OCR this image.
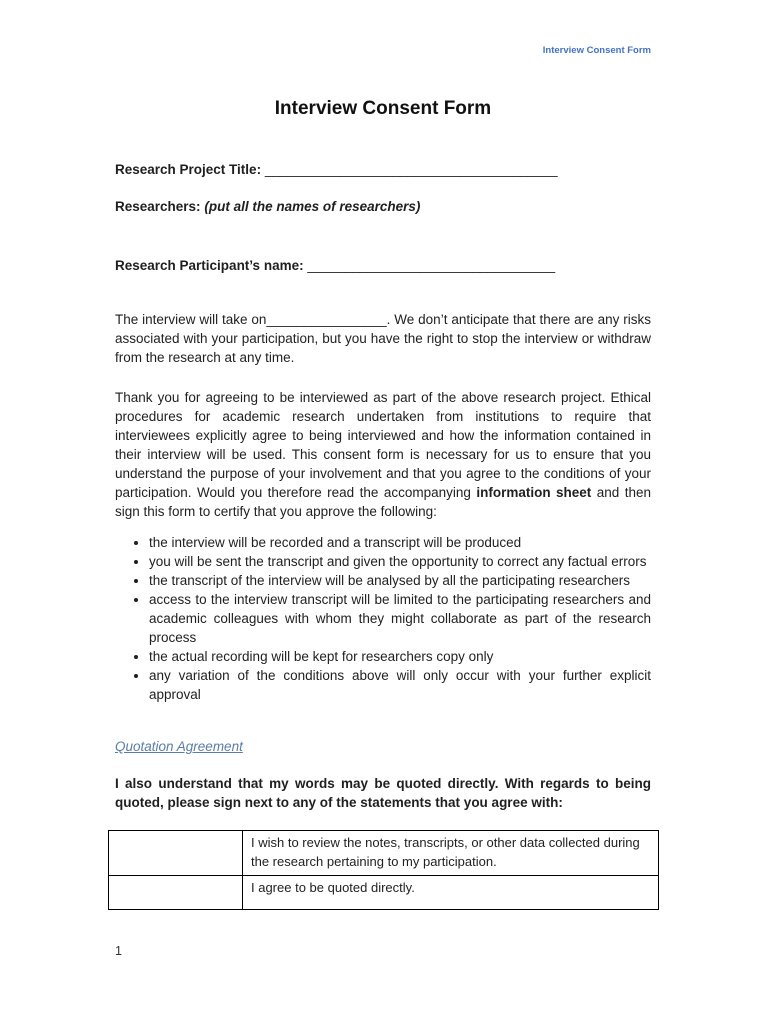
Interview Consent Form
Interview Consent Form

Research Project Title: _______________________________________

Researchers: (put all the names of researchers)

Research Participant’s name: _________________________________

The interview will take on________________. We don’t anticipate that there are any risks associated with your participation, but you have the right to stop the interview or withdraw from the research at any time.

Thank you for agreeing to be interviewed as part of the above research project. Ethical procedures for academic research undertaken from institutions to require that interviewees explicitly agree to being interviewed and how the information contained in their interview will be used. This consent form is necessary for us to ensure that you understand the purpose of your involvement and that you agree to the conditions of your participation. Would you therefore read the accompanying information sheet and then sign this form to certify that you approve the following:

• the interview will be recorded and a transcript will be produced
• you will be sent the transcript and given the opportunity to correct any factual errors
• the transcript of the interview will be analysed by all the participating researchers
• access to the interview transcript will be limited to the participating researchers and academic colleagues with whom they might collaborate as part of the research process
• the actual recording will be kept for researchers copy only
• any variation of the conditions above will only occur with your further explicit approval
Quotation Agreement

I also understand that my words may be quoted directly. With regards to being quoted, please sign next to any of the statements that you agree with:

	I wish to review the notes, transcripts, or other data collected during the research pertaining to my participation.
	I agree to be quoted directly.
1
